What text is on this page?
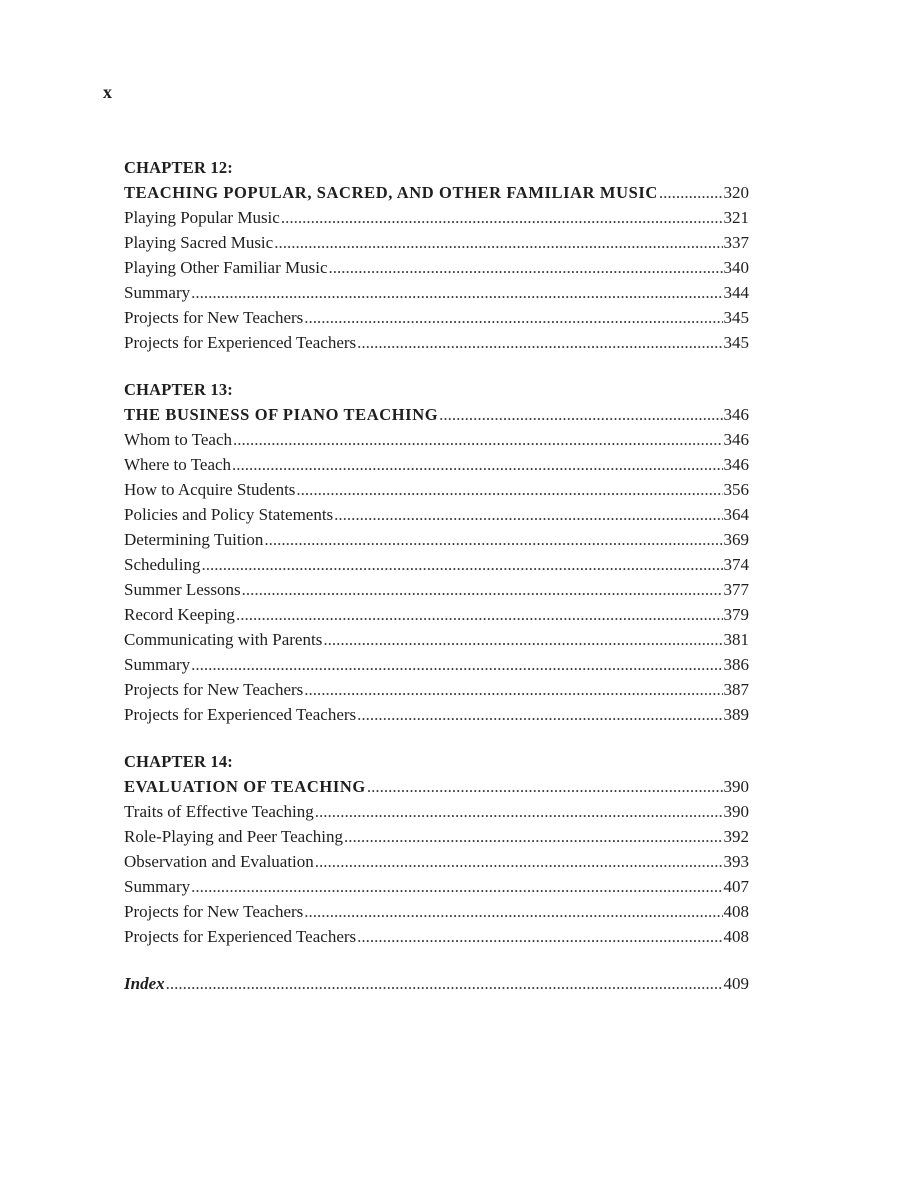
x
CHAPTER 12:
TEACHING POPULAR, SACRED, AND OTHER FAMILIAR MUSIC .....	320
Playing Popular Music .....	321
Playing Sacred Music .....	337
Playing Other Familiar Music .....	340
Summary .....	344
Projects for New Teachers .....	345
Projects for Experienced Teachers .....	345
CHAPTER 13:
THE BUSINESS OF PIANO TEACHING .....	346
Whom to Teach .....	346
Where to Teach .....	346
How to Acquire Students .....	356
Policies and Policy Statements .....	364
Determining Tuition .....	369
Scheduling .....	374
Summer Lessons .....	377
Record Keeping .....	379
Communicating with Parents .....	381
Summary .....	386
Projects for New Teachers .....	387
Projects for Experienced Teachers .....	389
CHAPTER 14:
EVALUATION OF TEACHING .....	390
Traits of Effective Teaching .....	390
Role-Playing and Peer Teaching .....	392
Observation and Evaluation .....	393
Summary .....	407
Projects for New Teachers .....	408
Projects for Experienced Teachers .....	408
Index .....	409
